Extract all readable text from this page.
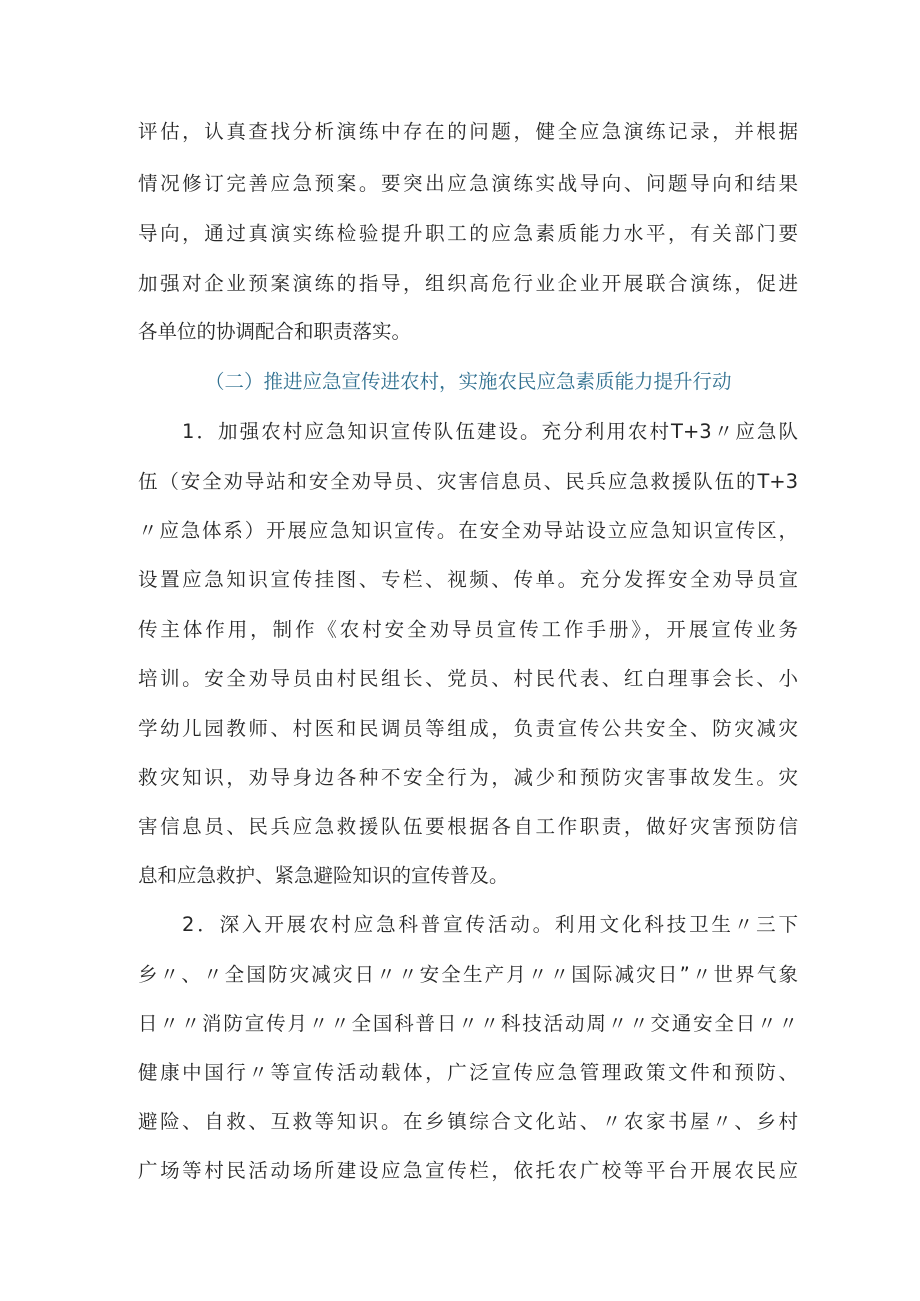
评估，认真查找分析演练中存在的问题，健全应急演练记录，并根据
情况修订完善应急预案。要突出应急演练实战导向、问题导向和结果
导向，通过真演实练检验提升职工的应急素质能力水平，有关部门要
加强对企业预案演练的指导，组织高危行业企业开展联合演练，促进
各单位的协调配合和职责落实。
（二）推进应急宣传进农村，实施农民应急素质能力提升行动
1．加强农村应急知识宣传队伍建设。充分利用农村T+3〃应急队
伍（安全劝导站和安全劝导员、灾害信息员、民兵应急救援队伍的T+3
〃应急体系）开展应急知识宣传。在安全劝导站设立应急知识宣传区，
设置应急知识宣传挂图、专栏、视频、传单。充分发挥安全劝导员宣
传主体作用，制作《农村安全劝导员宣传工作手册》，开展宣传业务
培训。安全劝导员由村民组长、党员、村民代表、红白理事会长、小
学幼儿园教师、村医和民调员等组成，负责宣传公共安全、防灾减灾
救灾知识，劝导身边各种不安全行为，减少和预防灾害事故发生。灾
害信息员、民兵应急救援队伍要根据各自工作职责，做好灾害预防信
息和应急救护、紧急避险知识的宣传普及。
2．深入开展农村应急科普宣传活动。利用文化科技卫生〃三下
乡〃、〃全国防灾减灾日〃〃安全生产月〃〃国际减灾日”〃世界气象
日〃〃消防宣传月〃〃全国科普日〃〃科技活动周〃〃交通安全日〃〃
健康中国行〃等宣传活动载体，广泛宣传应急管理政策文件和预防、
避险、自救、互救等知识。在乡镇综合文化站、〃农家书屋〃、乡村
广场等村民活动场所建设应急宣传栏，依托农广校等平台开展农民应
